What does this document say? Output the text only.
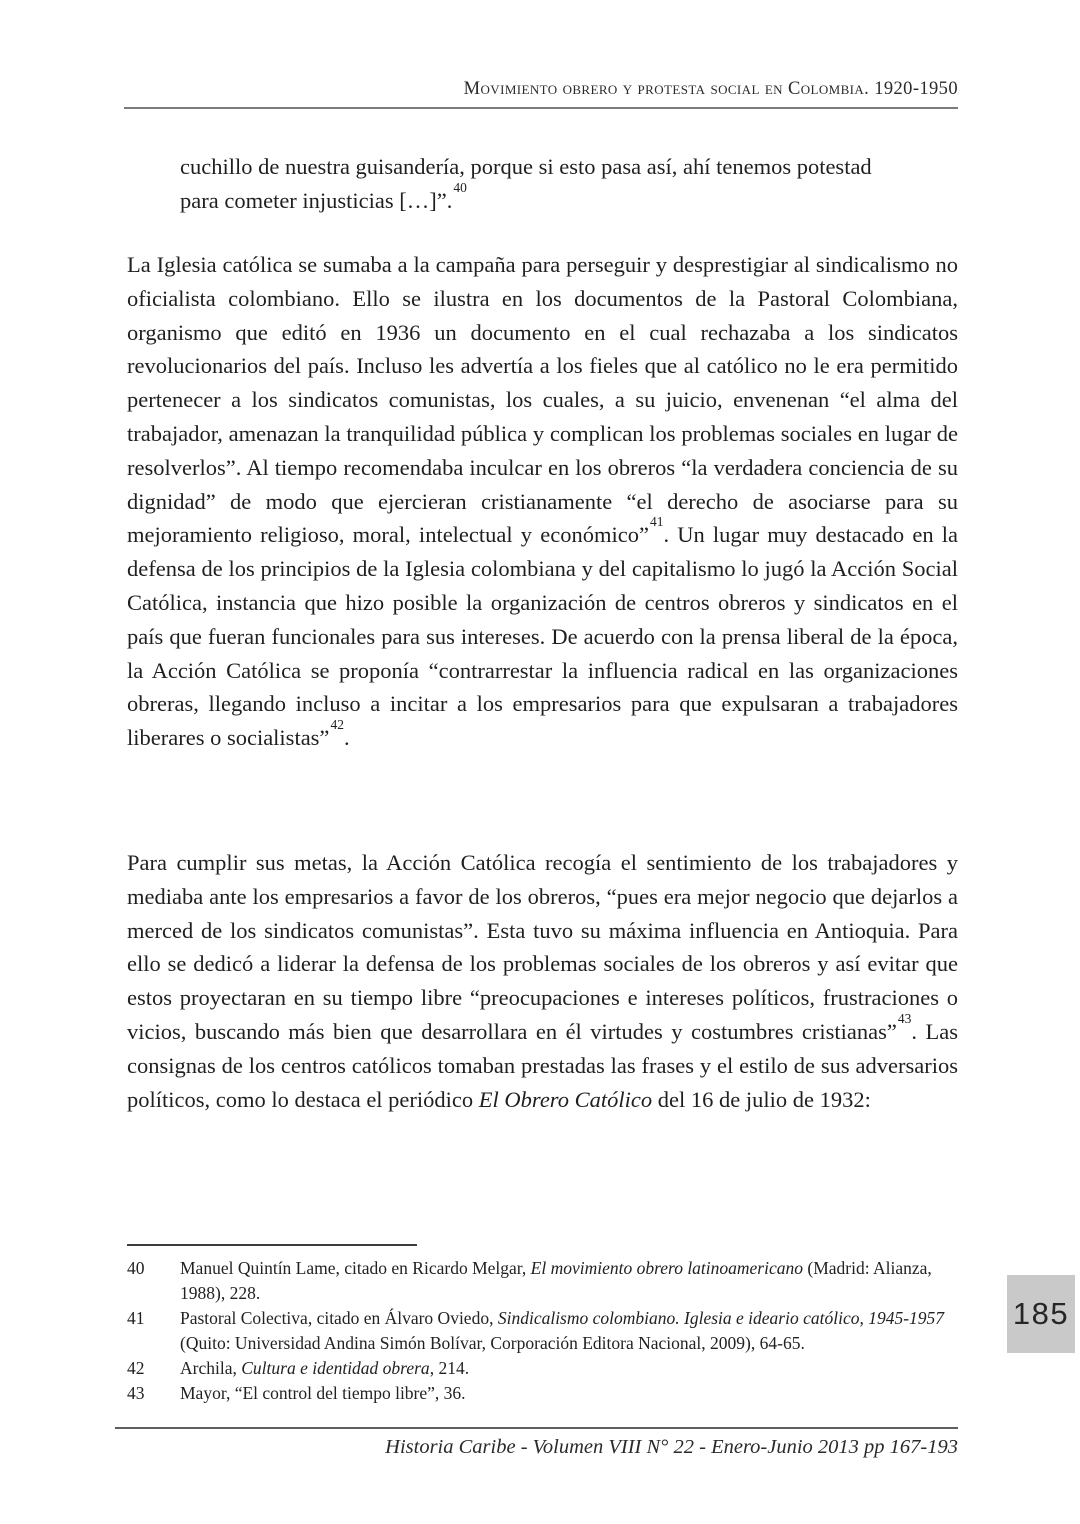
Movimiento obrero y protesta social en Colombia. 1920-1950
cuchillo de nuestra guisandería, porque si esto pasa así, ahí tenemos potestad para cometer injusticias […]”.$^{40}$

La Iglesia católica se sumaba a la campaña para perseguir y desprestigiar al sindicalismo no oficialista colombiano. Ello se ilustra en los documentos de la Pastoral Colombiana, organismo que editó en 1936 un documento en el cual rechazaba a los sindicatos revolucionarios del país. Incluso les advertía a los fieles que al católico no le era permitido pertenecer a los sindicatos comunistas, los cuales, a su juicio, envenenan “el alma del trabajador, amenazan la tranquilidad pública y complican los problemas sociales en lugar de resolverlos”. Al tiempo recomendaba inculcar en los obreros “la verdadera conciencia de su dignidad” de modo que ejercieran cristianamente “el derecho de asociarse para su mejoramiento religioso, moral, intelectual y económico”$^{41}$. Un lugar muy destacado en la defensa de los principios de la Iglesia colombiana y del capitalismo lo jugó la Acción Social Católica, instancia que hizo posible la organización de centros obreros y sindicatos en el país que fueran funcionales para sus intereses. De acuerdo con la prensa liberal de la época, la Acción Católica se proponía “contrarrestar la influencia radical en las organizaciones obreras, llegando incluso a incitar a los empresarios para que expulsaran a trabajadores liberares o socialistas”$^{42}$.

Para cumplir sus metas, la Acción Católica recogía el sentimiento de los trabajadores y mediaba ante los empresarios a favor de los obreros, “pues era mejor negocio que dejarlos a merced de los sindicatos comunistas”. Esta tuvo su máxima influencia en Antioquia. Para ello se dedicó a liderar la defensa de los problemas sociales de los obreros y así evitar que estos proyectaran en su tiempo libre “preocupaciones e intereses políticos, frustraciones o vicios, buscando más bien que desarrollara en él virtudes y costumbres cristianas”$^{43}$. Las consignas de los centros católicos tomaban prestadas las frases y el estilo de sus adversarios políticos, como lo destaca el periódico El Obrero Católico del 16 de julio de 1932:

40	Manuel Quintín Lame, citado en Ricardo Melgar, El movimiento obrero latinoamericano (Madrid: Alianza, 1988), 228.
41	Pastoral Colectiva, citado en Álvaro Oviedo, Sindicalismo colombiano. Iglesia e ideario católico, 1945-1957 (Quito: Universidad Andina Simón Bolívar, Corporación Editora Nacional, 2009), 64-65.
42	Archila, Cultura e identidad obrera, 214.
43	Mayor, “El control del tiempo libre”, 36.
185
Historia Caribe - Volumen VIII N° 22 - Enero-Junio 2013 pp 167-193
